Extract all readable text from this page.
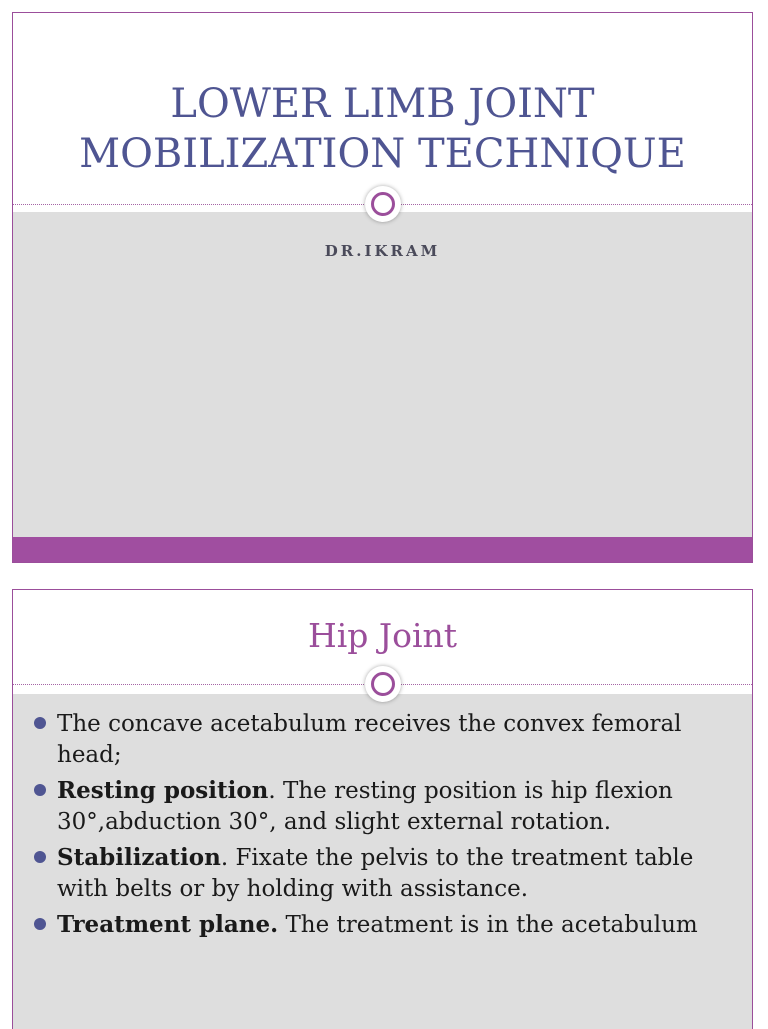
LOWER LIMB JOINT
MOBILIZATION TECHNIQUE
DR.IKRAM
Hip Joint
The concave acetabulum receives the convex femoral head;
Resting position. The resting position is hip flexion 30°,abduction 30°, and slight external rotation.
Stabilization. Fixate the pelvis to the treatment table with belts or by holding with assistance.
Treatment plane. The treatment is in the acetabulum
